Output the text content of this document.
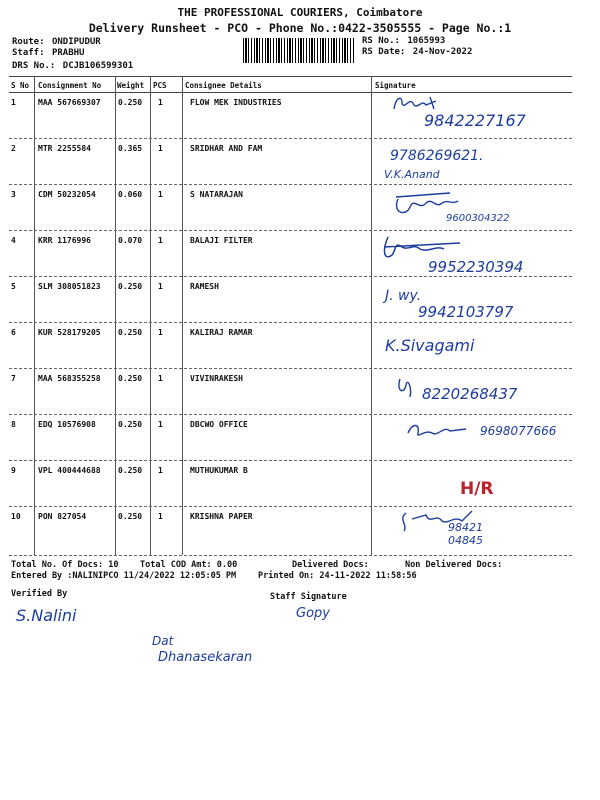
THE PROFESSIONAL COURIERS, Coimbatore
Delivery Runsheet - PCO - Phone No.:0422-3505555 - Page No.:1
Route: ONDIPUDUR
Staff: PRABHU
DRS No.: DCJB106599301
RS No.: 1065993
RS Date: 24-Nov-2022
S No Consignment No Weight PCS Consignee Details	Signature
1	MAA 567669307 0.250 1	FLOW MEK INDUSTRIES
9842227167
2	MTR 2255584	0.365 1	SRIDHAR AND FAM	9786269621.
V.K.Anand
3	CDM 50232054	0.060 1	S NATARAJAN
9600304322
4	KRR 1176996	0.070 1	BALAJI FILTER
9952230394
5	SLM 308051823 0.250 1	RAMESH
J. wy.
9942103797
6	KUR 528179205 0.250 1	KALIRAJ RAMAR
K.Sivagami
7	MAA 568355258 0.250 1	VIVINRAKESH
8220268437
8	EDQ 10576908	0.250 1	DBCWO OFFICE	9698077666
9	VPL 400444688 0.250 1	MUTHUKUMAR B
H/R
10 PON 827054	0.250 1	KRISHNA PAPER
98421 04845
Total No. Of Docs: 10	Total COD Amt: 0.00	Delivered Docs:	Non Delivered Docs:
Entered By :NALINIPCO 11/24/2022 12:05:05 PM	Printed On: 24-11-2022 11:58:56
Verified By	Staff Signature
S.Nalini	Gopy
Dat
Dhanasekaran
